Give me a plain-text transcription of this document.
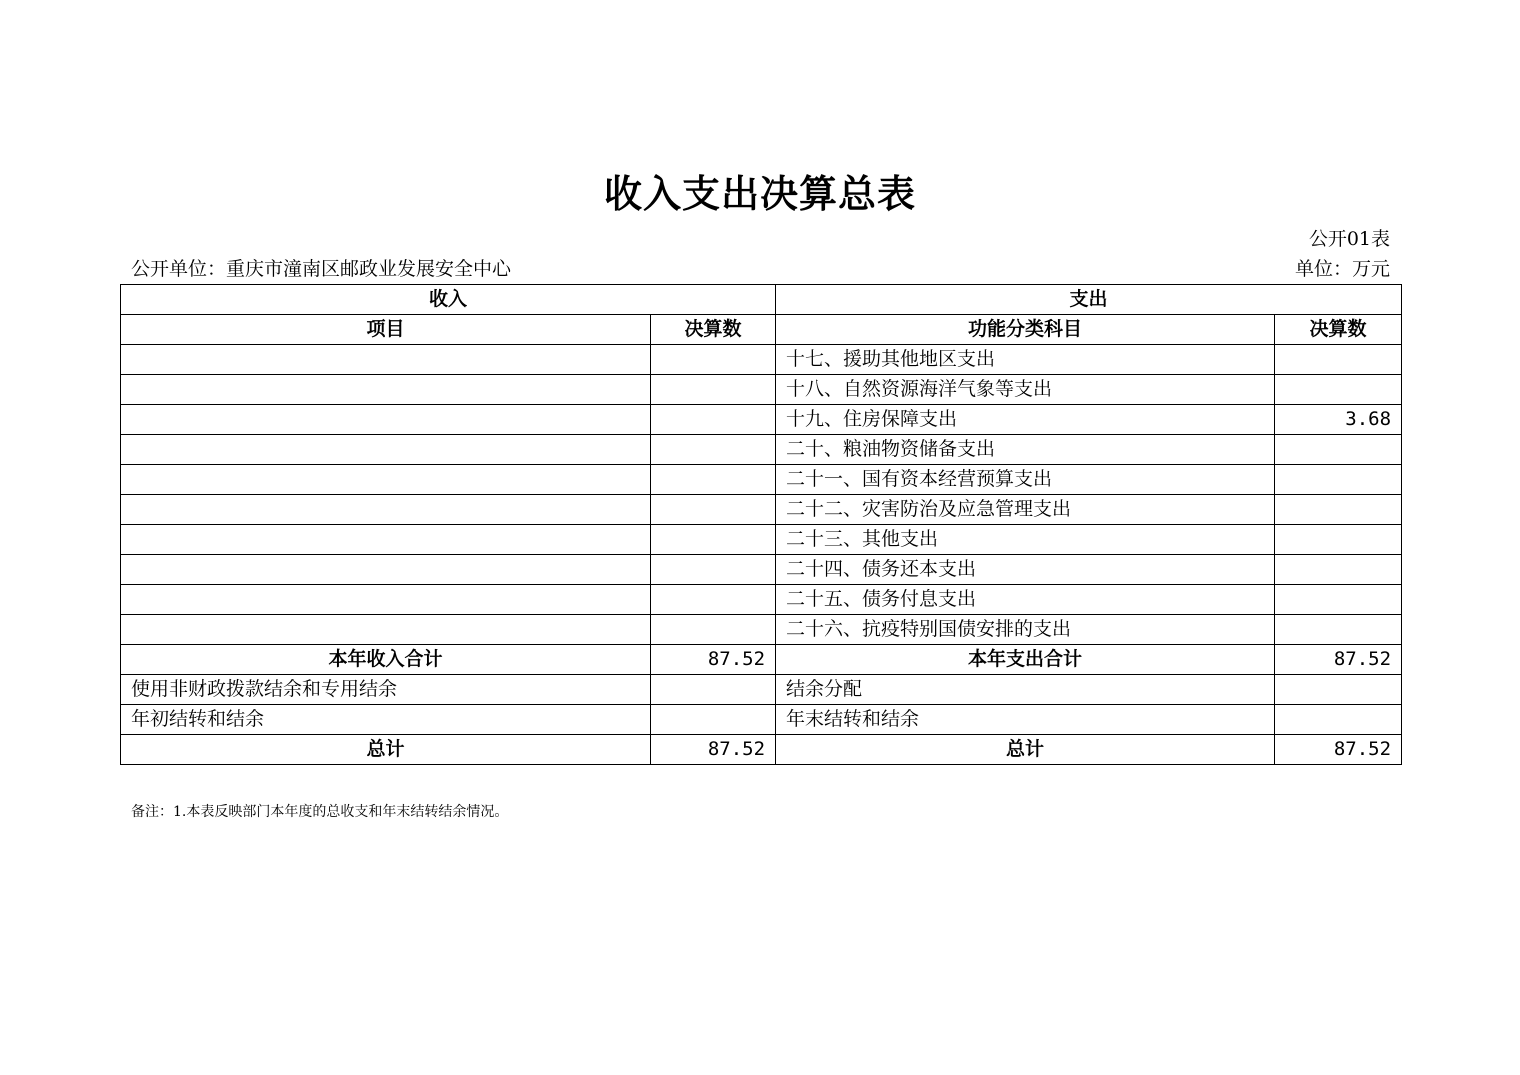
收入支出决算总表
公开01表
公开单位：重庆市潼南区邮政业发展安全中心	单位：万元
收入		支出	
项目	决算数	功能分类科目	决算数
		十七、援助其他地区支出	
		十八、自然资源海洋气象等支出	
		十九、住房保障支出	3.68
		二十、粮油物资储备支出	
		二十一、国有资本经营预算支出	
		二十二、灾害防治及应急管理支出	
		二十三、其他支出	
		二十四、债务还本支出	
		二十五、债务付息支出	
		二十六、抗疫特别国债安排的支出	
本年收入合计	87.52	本年支出合计	87.52
使用非财政拨款结余和专用结余		结余分配	
年初结转和结余		年末结转和结余	
总计	87.52	总计	87.52
备注：1.本表反映部门本年度的总收支和年末结转结余情况。
